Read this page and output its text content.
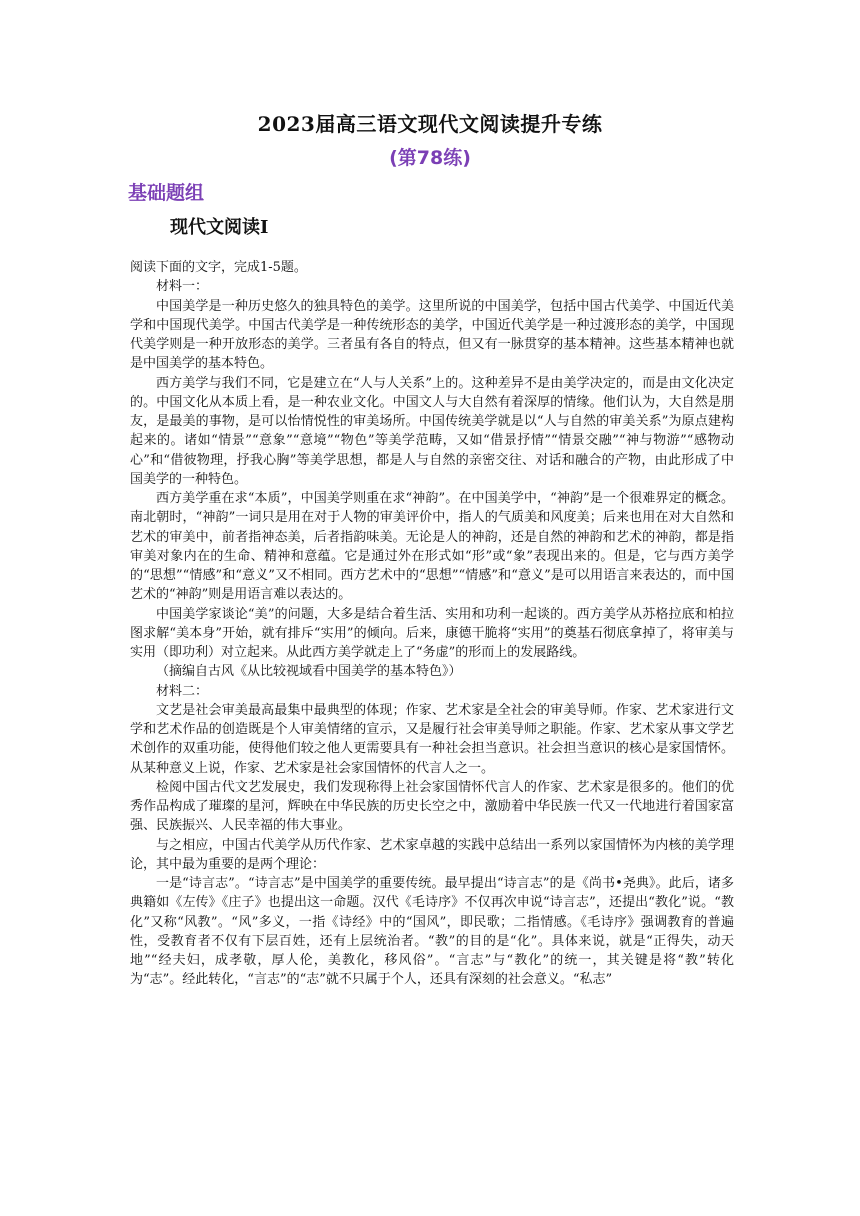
2023届高三语文现代文阅读提升专练
(第78练)
基础题组
现代文阅读Ⅰ

阅读下面的文字，完成1-5题。

材料一：

中国美学是一种历史悠久的独具特色的美学。这里所说的中国美学，包括中国古代美学、中国近代美学和中国现代美学。中国古代美学是一种传统形态的美学，中国近代美学是一种过渡形态的美学，中国现代美学则是一种开放形态的美学。三者虽有各自的特点，但又有一脉贯穿的基本精神。这些基本精神也就是中国美学的基本特色。

西方美学与我们不同，它是建立在“人与人关系”上的。这种差异不是由美学决定的，而是由文化决定的。中国文化从本质上看，是一种农业文化。中国文人与大自然有着深厚的情缘。他们认为，大自然是朋友，是最美的事物，是可以怡情悦性的审美场所。中国传统美学就是以“人与自然的审美关系”为原点建构起来的。诸如“情景”“意象”“意境”“物色”等美学范畴，又如“借景抒情”“情景交融”“神与物游”“感物动心”和“借彼物理，抒我心胸”等美学思想，都是人与自然的亲密交往、对话和融合的产物，由此形成了中国美学的一种特色。

西方美学重在求“本质”，中国美学则重在求“神韵”。在中国美学中，“神韵”是一个很难界定的概念。南北朝时，“神韵”一词只是用在对于人物的审美评价中，指人的气质美和风度美；后来也用在对大自然和艺术的审美中，前者指神态美，后者指韵味美。无论是人的神韵，还是自然的神韵和艺术的神韵，都是指审美对象内在的生命、精神和意蕴。它是通过外在形式如“形”或“象”表现出来的。但是，它与西方美学的“思想”“情感”和“意义”又不相同。西方艺术中的“思想”“情感”和“意义”是可以用语言来表达的，而中国艺术的“神韵”则是用语言难以表达的。

中国美学家谈论“美”的问题，大多是结合着生活、实用和功利一起谈的。西方美学从苏格拉底和柏拉图求解“美本身”开始，就有排斥“实用”的倾向。后来，康德干脆将“实用”的奠基石彻底拿掉了，将审美与实用（即功利）对立起来。从此西方美学就走上了“务虚”的形而上的发展路线。

（摘编自古风《从比较视域看中国美学的基本特色》）

材料二：

文艺是社会审美最高最集中最典型的体现；作家、艺术家是全社会的审美导师。作家、艺术家进行文学和艺术作品的创造既是个人审美情绪的宣示，又是履行社会审美导师之职能。作家、艺术家从事文学艺术创作的双重功能，使得他们较之他人更需要具有一种社会担当意识。社会担当意识的核心是家国情怀。从某种意义上说，作家、艺术家是社会家国情怀的代言人之一。

检阅中国古代文艺发展史，我们发现称得上社会家国情怀代言人的作家、艺术家是很多的。他们的优秀作品构成了璀璨的星河，辉映在中华民族的历史长空之中，激励着中华民族一代又一代地进行着国家富强、民族振兴、人民幸福的伟大事业。

与之相应，中国古代美学从历代作家、艺术家卓越的实践中总结出一系列以家国情怀为内核的美学理论，其中最为重要的是两个理论：

一是“诗言志”。“诗言志”是中国美学的重要传统。最早提出“诗言志”的是《尚书•尧典》。此后，诸多典籍如《左传》《庄子》也提出这一命题。汉代《毛诗序》不仅再次申说“诗言志”，还提出“教化”说。“教化”又称“风教”。“风”多义，一指《诗经》中的“国风”，即民歌；二指情感。《毛诗序》强调教育的普遍性，受教育者不仅有下层百姓，还有上层统治者。“教”的目的是“化”。具体来说，就是“正得失，动天地”“经夫妇，成孝敬，厚人伦，美教化，移风俗”。“言志”与“教化”的统一，其关键是将“教”转化为“志”。经此转化，“言志”的“志”就不只属于个人，还具有深刻的社会意义。“私志”
